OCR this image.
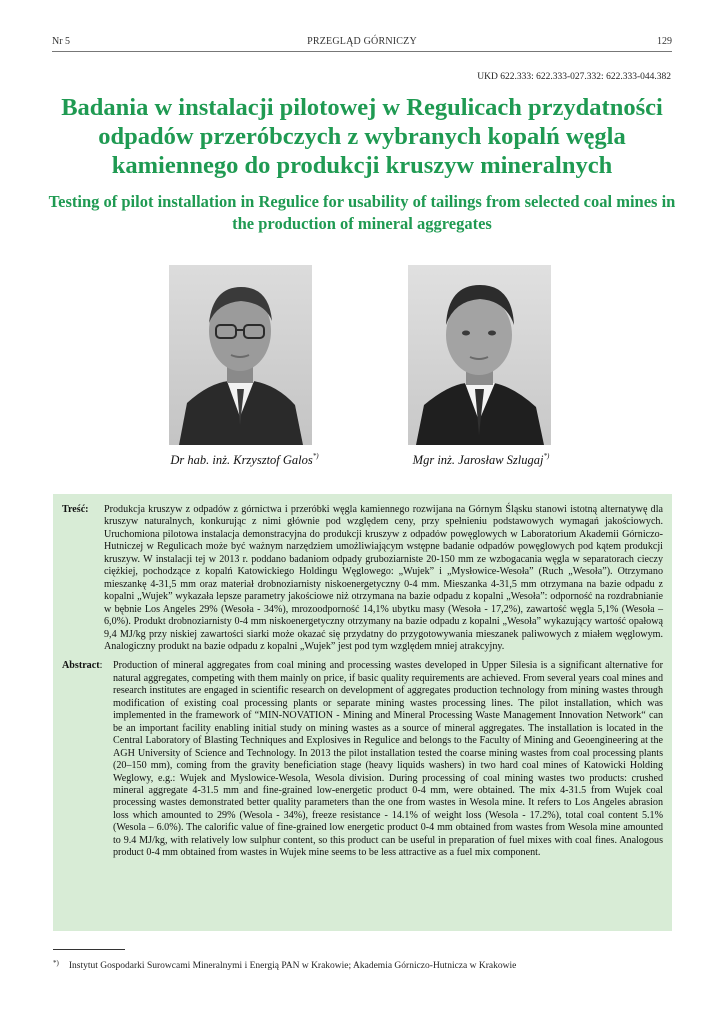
Nr 5	PRZEGLĄD GÓRNICZY	129
UKD 622.333: 622.333-027.332: 622.333-044.382
Badania w instalacji pilotowej w Regulicach przydatności odpadów przeróbczych z wybranych kopalń węgla kamiennego do produkcji kruszyw mineralnych
Testing of pilot installation in Regulice for usability of tailings from selected coal mines in the production of mineral aggregates
Dr hab. inż. Krzysztof Galos*)	Mgr inż. Jarosław Szlugaj*)
Treść: Produkcja kruszyw z odpadów z górnictwa i przeróbki węgla kamiennego rozwijana na Górnym Śląsku stanowi istotną alternatywę dla kruszyw naturalnych, konkurując z nimi głównie pod względem ceny, przy spełnieniu podstawowych wymagań jakościowych. Uruchomiona pilotowa instalacja demonstracyjna do produkcji kruszyw z odpadów powęglowych w Laboratorium Akademii Górniczo-Hutniczej w Regulicach może być ważnym narzędziem umożliwiającym wstępne badanie odpadów powęglowych pod kątem produkcji kruszyw. W instalacji tej w 2013 r. poddano badaniom odpady gruboziarniste 20-150 mm ze wzbogacania węgla w separatorach cieczy ciężkiej, pochodzące z kopalń Katowickiego Holdingu Węglowego: „Wujek” i „Mysłowice-Wesoła” (Ruch „Wesoła”). Otrzymano mieszankę 4-31,5 mm oraz materiał drobnoziarnisty niskoenergetyczny 0-4 mm. Mieszanka 4-31,5 mm otrzymana na bazie odpadu z kopalni „Wujek” wykazała lepsze parametry jakościowe niż otrzymana na bazie odpadu z kopalni „Wesoła”: odporność na rozdrabnianie w bębnie Los Angeles 29% (Wesoła - 34%), mrozoodporność 14,1% ubytku masy (Wesoła - 17,2%), zawartość węgla 5,1% (Wesoła – 6,0%). Produkt drobnoziarnisty 0-4 mm niskoenergetyczny otrzymany na bazie odpadu z kopalni „Wesoła” wykazujący wartość opałową 9,4 MJ/kg przy niskiej zawartości siarki może okazać się przydatny do przygotowywania mieszanek paliwowych z miałem węglowym. Analogiczny produkt na bazie odpadu z kopalni „Wujek” jest pod tym względem mniej atrakcyjny.

Abstract: Production of mineral aggregates from coal mining and processing wastes developed in Upper Silesia is a significant alternative for natural aggregates, competing with them mainly on price, if basic quality requirements are achieved. From several years coal mines and research institutes are engaged in scientific research on development of aggregates production technology from mining wastes through modification of existing coal processing plants or separate mining wastes processing lines. The pilot installation, which was implemented in the framework of “MIN-NOVATION - Mining and Mineral Processing Waste Management Innovation Network“ can be an important facility enabling initial study on mining wastes as a source of mineral aggregates. The installation is located in the Central Laboratory of Blasting Techniques and Explosives in Regulice and belongs to the Faculty of Mining and Geoengineering at the AGH University of Science and Technology. In 2013 the pilot installation tested the coarse mining wastes from coal processing plants (20–150 mm), coming from the gravity beneficiation stage (heavy liquids washers) in two hard coal mines of Katowicki Holding Weglowy, e.g.: Wujek and Myslowice-Wesola, Wesola division. During processing of coal mining wastes two products: crushed mineral aggregate 4-31.5 mm and fine-grained low-energetic product 0-4 mm, were obtained. The mix 4-31.5 from Wujek coal processing wastes demonstrated better quality parameters than the one from wastes in Wesola mine. It refers to Los Angeles abrasion loss which amounted to 29% (Wesola - 34%), freeze resistance - 14.1% of weight loss (Wesola - 17.2%), total coal content 5.1% (Wesola – 6.0%). The calorific value of fine-grained low energetic product 0-4 mm obtained from wastes from Wesola mine amounted to 9.4 MJ/kg, with relatively low sulphur content, so this product can be useful in preparation of fuel mixes with coal fines. Analogous product 0-4 mm obtained from wastes in Wujek mine seems to be less attractive as a fuel mix component.

*) Instytut Gospodarki Surowcami Mineralnymi i Energią PAN w Krakowie; Akademia Górniczo-Hutnicza w Krakowie
